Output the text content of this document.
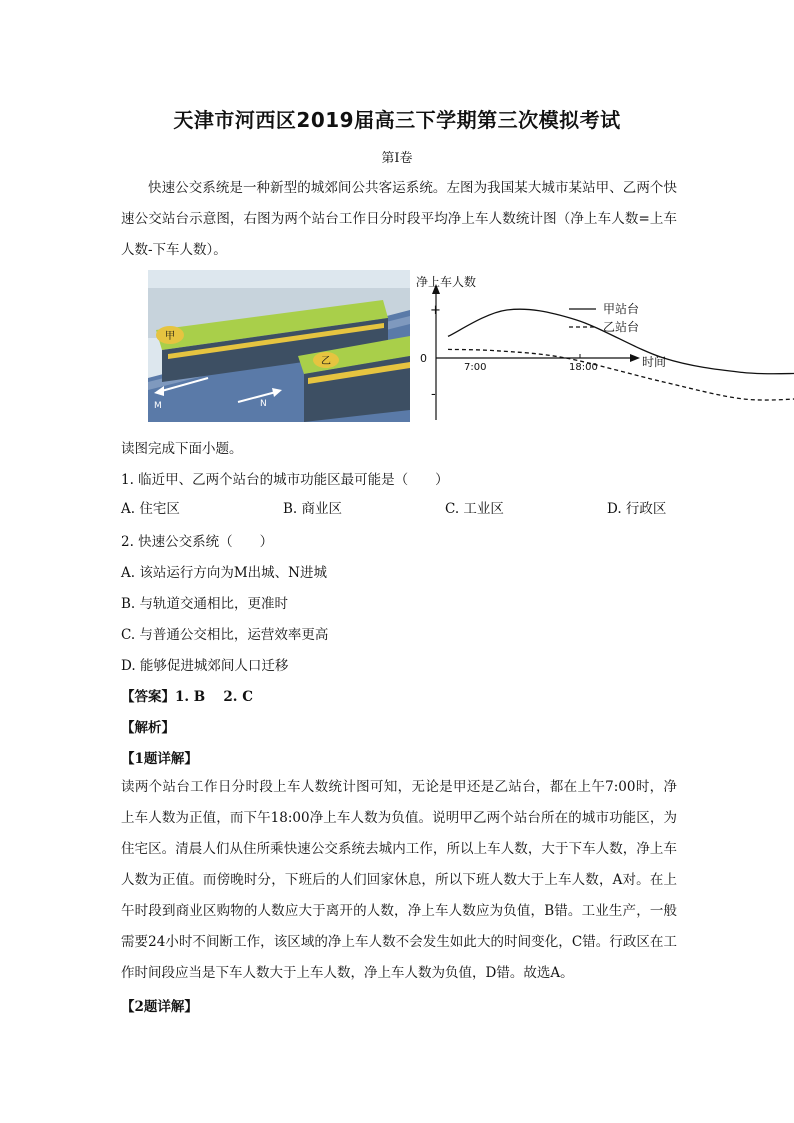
天津市河西区2019届高三下学期第三次模拟考试
第Ⅰ卷
快速公交系统是一种新型的城郊间公共客运系统。左图为我国某大城市某站甲、乙两个快速公交站台示意图，右图为两个站台工作日分时段平均净上车人数统计图（净上车人数=上车人数-下车人数）。
甲
乙
M	N
净上车人数
时间
+
-
0
7:00	18:00
甲站台
乙站台
读图完成下面小题。
1. 临近甲、乙两个站台的城市功能区最可能是（　　）
A. 住宅区	B. 商业区	C. 工业区	D. 行政区
2. 快速公交系统（　　）
A. 该站运行方向为M出城、N进城
B. 与轨道交通相比，更准时
C. 与普通公交相比，运营效率更高
D. 能够促进城郊间人口迁移
【答案】1. B　 2. C
【解析】
【1题详解】
读两个站台工作日分时段上车人数统计图可知，无论是甲还是乙站台，都在上午7:00时，净上车人数为正值，而下午18:00净上车人数为负值。说明甲乙两个站台所在的城市功能区，为住宅区。清晨人们从住所乘快速公交系统去城内工作，所以上车人数，大于下车人数，净上车人数为正值。而傍晚时分，下班后的人们回家休息，所以下班人数大于上车人数，A对。在上午时段到商业区购物的人数应大于离开的人数，净上车人数应为负值，B错。工业生产，一般需要24小时不间断工作，该区域的净上车人数不会发生如此大的时间变化，C错。行政区在工作时间段应当是下车人数大于上车人数，净上车人数为负值，D错。故选A。
【2题详解】
